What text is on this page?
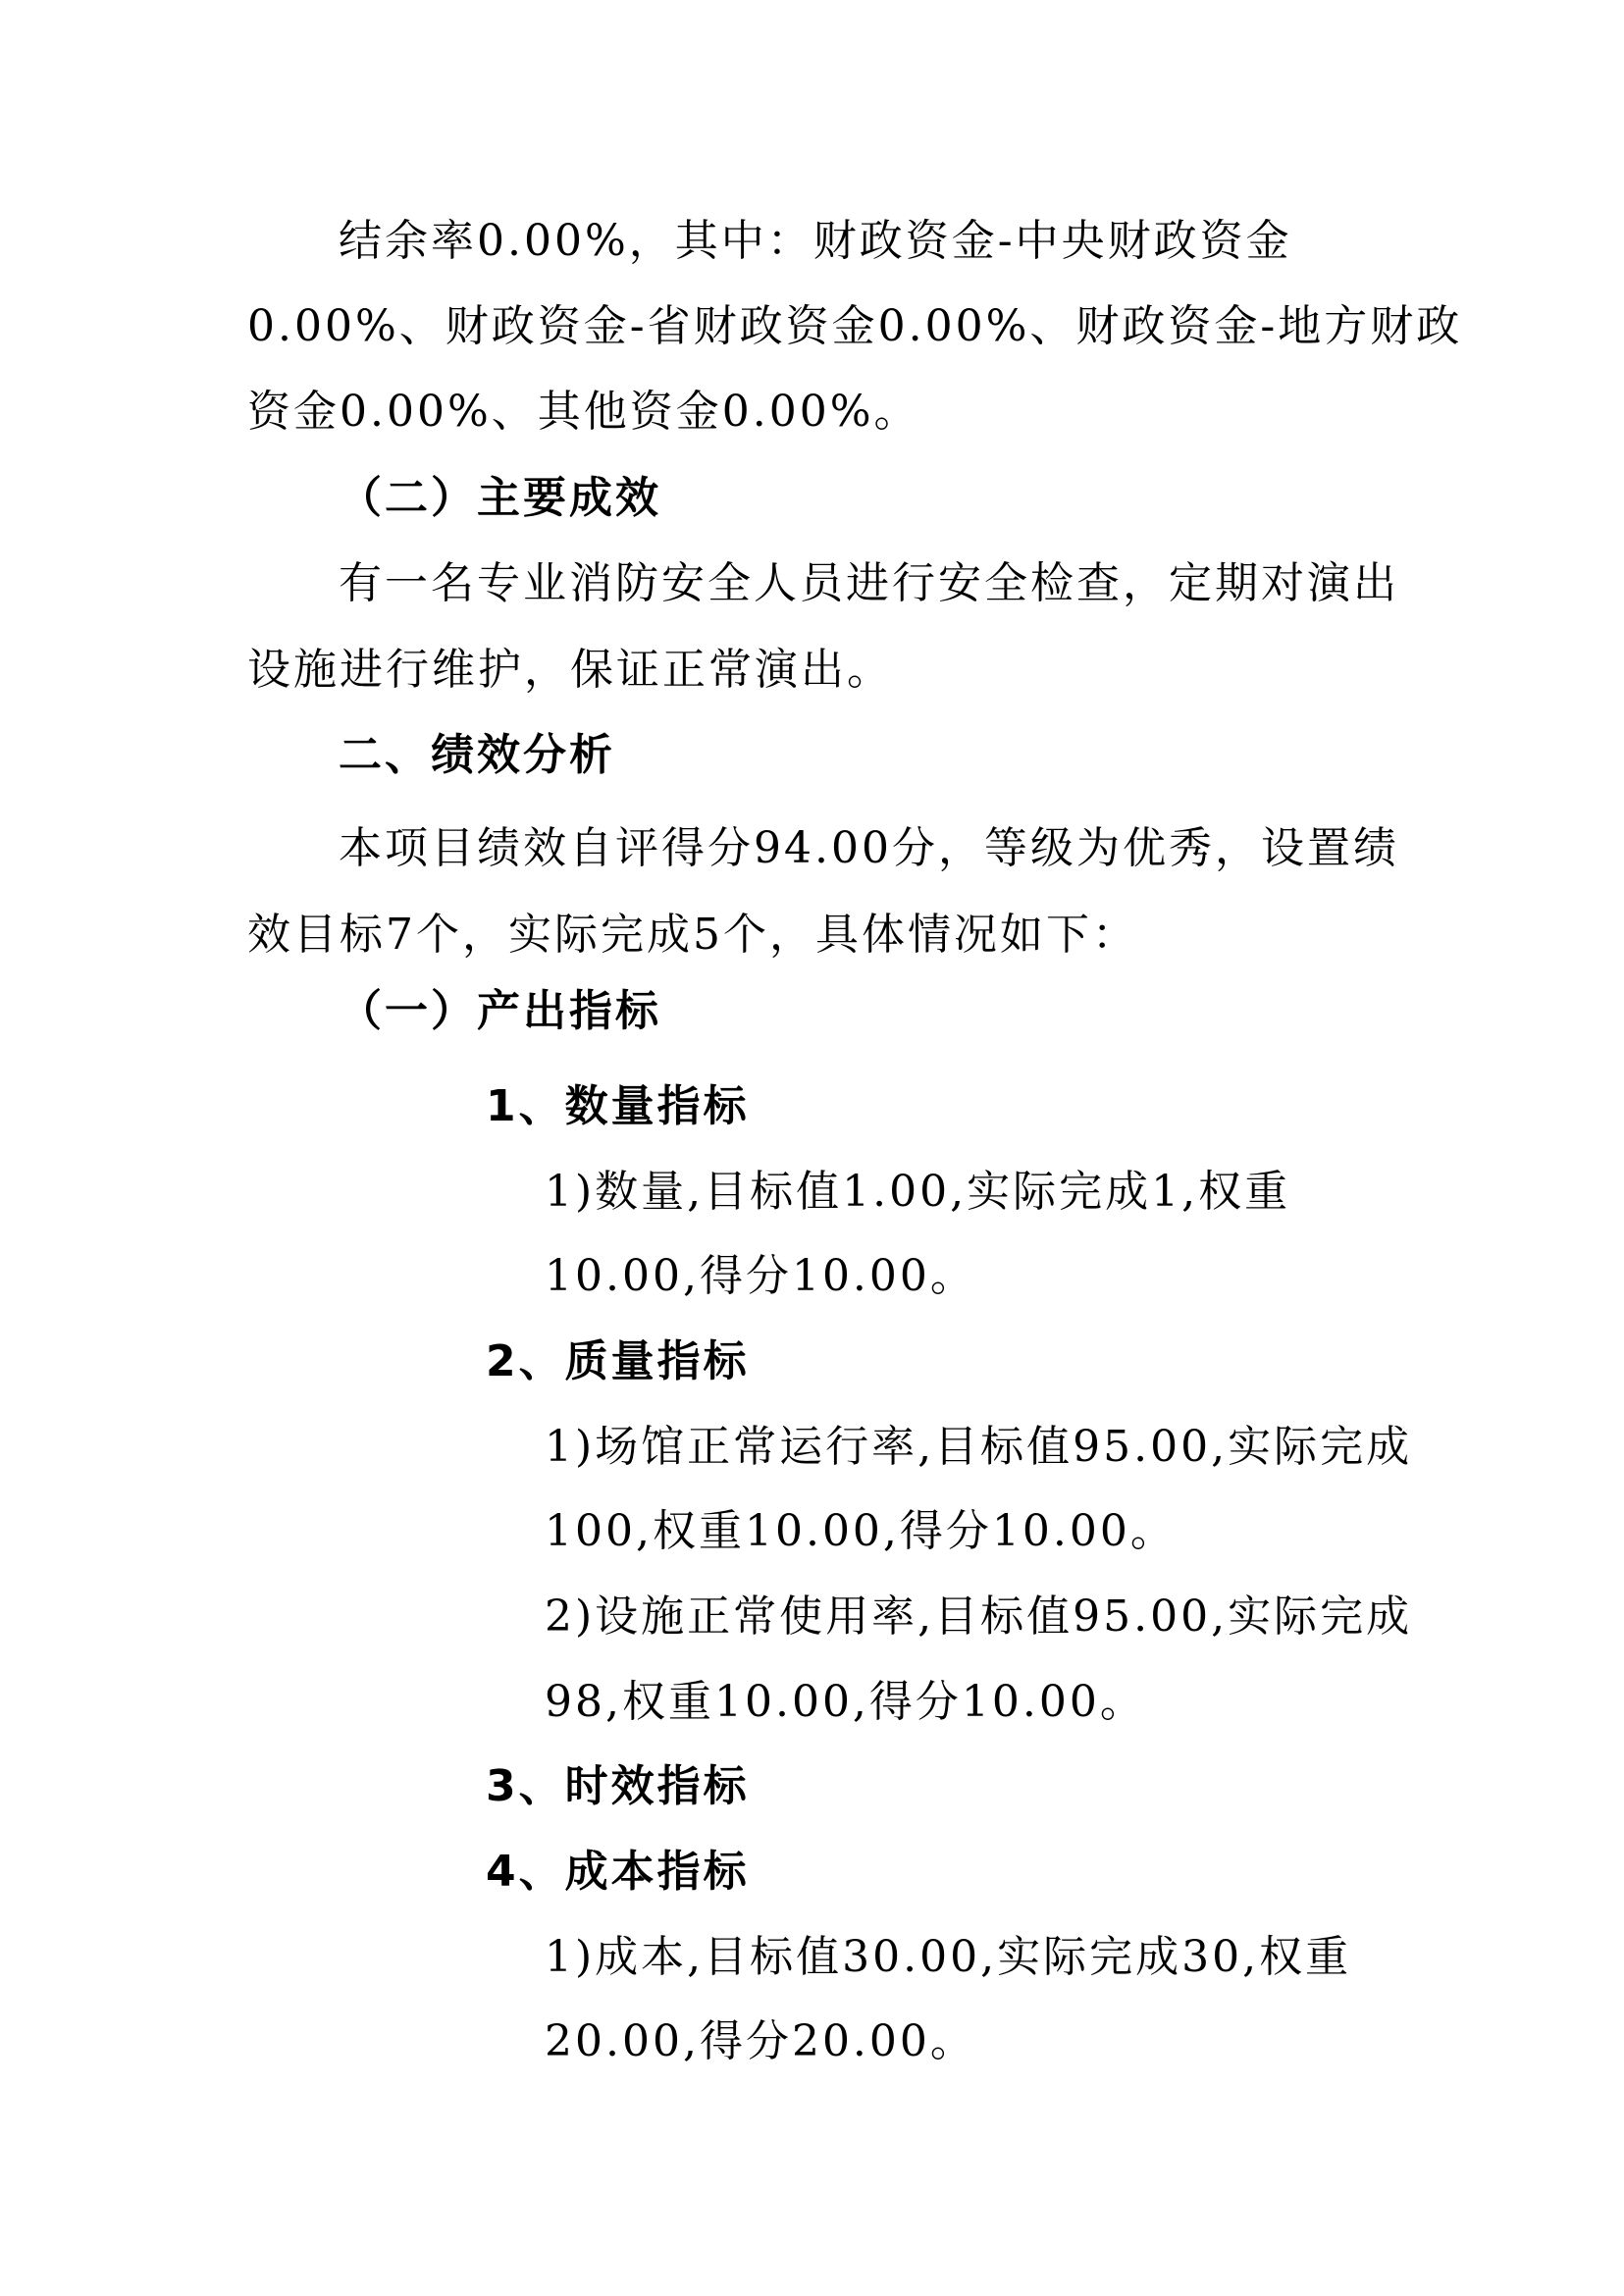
结余率0.00%，其中：财政资金-中央财政资金
0.00%、财政资金-省财政资金0.00%、财政资金-地方财政
资金0.00%、其他资金0.00%。
（二）主要成效
有一名专业消防安全人员进行安全检查，定期对演出
设施进行维护，保证正常演出。
二、绩效分析
本项目绩效自评得分94.00分，等级为优秀，设置绩
效目标7个，实际完成5个，具体情况如下：
（一）产出指标
1、数量指标
1)数量,目标值1.00,实际完成1,权重
10.00,得分10.00。
2、质量指标
1)场馆正常运行率,目标值95.00,实际完成
100,权重10.00,得分10.00。
2)设施正常使用率,目标值95.00,实际完成
98,权重10.00,得分10.00。
3、时效指标
4、成本指标
1)成本,目标值30.00,实际完成30,权重
20.00,得分20.00。
